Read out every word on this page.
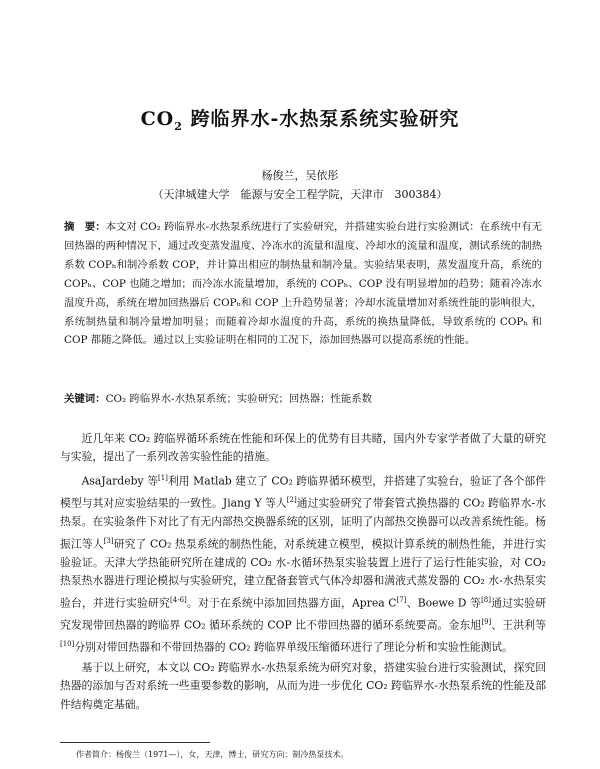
$CO_2$ 跨临界水-水热泵系统实验研究
杨俊兰，吴依彤
（天津城建大学　能源与安全工程学院，天津市　300384）

摘　要：本文对 CO₂ 跨临界水-水热泵系统进行了实验研究，并搭建实验台进行实验测试：在系统中有无回热器的两种情况下，通过改变蒸发温度、冷冻水的流量和温度、冷却水的流量和温度，测试系统的制热系数 COPₕ和制冷系数 COP，并计算出相应的制热量和制冷量。实验结果表明，蒸发温度升高，系统的 COPₕ、COP 也随之增加；而冷冻水流量增加，系统的 COPₕ、COP 没有明显增加的趋势；随着冷冻水温度升高，系统在增加回热器后 COPₕ和 COP 上升趋势显著；冷却水流量增加对系统性能的影响很大，系统制热量和制冷量增加明显；而随着冷却水温度的升高，系统的换热量降低，导致系统的 COPₕ 和 COP 都随之降低。通过以上实验证明在相同的工况下，添加回热器可以提高系统的性能。

关键词：CO₂ 跨临界水-水热泵系统；实验研究；回热器；性能系数

近几年来 CO₂ 跨临界循环系统在性能和环保上的优势有目共睹，国内外专家学者做了大量的研究与实验，提出了一系列改善实验性能的措施。

AsaJardeby 等[1]利用 Matlab 建立了 CO₂ 跨临界循环模型，并搭建了实验台，验证了各个部件模型与其对应实验结果的一致性。Jiang Y 等人[2]通过实验研究了带套管式换热器的 CO₂ 跨临界水-水热泵。在实验条件下对比了有无内部热交换器系统的区别，证明了内部热交换器可以改善系统性能。杨振江等人[3]研究了 CO₂ 热泵系统的制热性能，对系统建立模型，模拟计算系统的制热性能，并进行实验验证。天津大学热能研究所在建成的 CO₂ 水-水循环热泵实验装置上进行了运行性能实验，对 CO₂ 热泵热水器进行理论模拟与实验研究，建立配备套管式气体冷却器和满液式蒸发器的 CO₂ 水-水热泵实验台，并进行实验研究[4-6]。对于在系统中添加回热器方面，Aprea C[7]、Boewe D 等[8]通过实验研究发现带回热器的跨临界 CO₂ 循环系统的 COP 比不带回热器的循环系统要高。金东旭[9]、王洪利等[10]分别对带回热器和不带回热器的 CO₂ 跨临界单级压缩循环进行了理论分析和实验性能测试。

基于以上研究，本文以 CO₂ 跨临界水-水热泵系统为研究对象，搭建实验台进行实验测试，探究回热器的添加与否对系统一些重要参数的影响，从而为进一步优化 CO₂ 跨临界水-水热泵系统的性能及部件结构奠定基础。

作者简介：杨俊兰（1971—），女，天津，博士，研究方向：制冷热泵技术。
